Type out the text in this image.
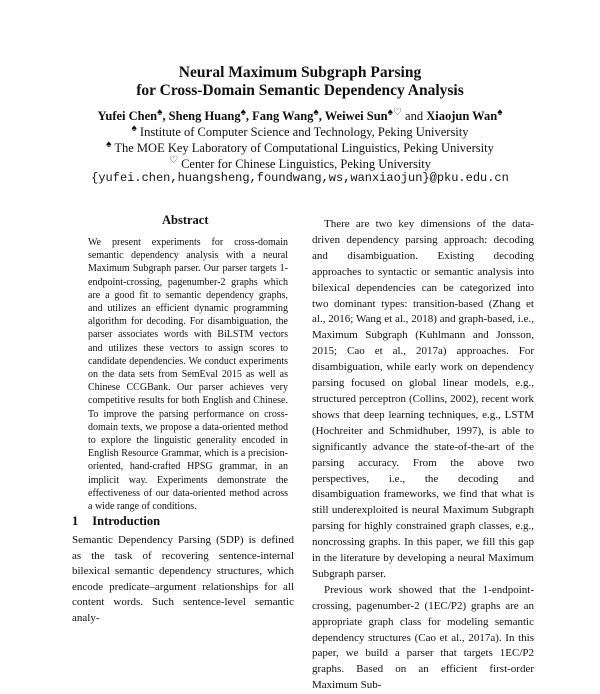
Neural Maximum Subgraph Parsing
for Cross-Domain Semantic Dependency Analysis
Yufei Chen♠, Sheng Huang♠, Fang Wang♠, Weiwei Sun♠♡ and Xiaojun Wan♠
♠ Institute of Computer Science and Technology, Peking University
♠ The MOE Key Laboratory of Computational Linguistics, Peking University
♡ Center for Chinese Linguistics, Peking University
{yufei.chen,huangsheng,foundwang,ws,wanxiaojun}@pku.edu.cn
Abstract
We present experiments for cross-domain semantic dependency analysis with a neural Maximum Subgraph parser. Our parser targets 1-endpoint-crossing, pagenumber-2 graphs which are a good fit to semantic dependency graphs, and utilizes an efficient dynamic programming algorithm for decoding. For disambiguation, the parser associates words with BiLSTM vectors and utilizes these vectors to assign scores to candidate dependencies. We conduct experiments on the data sets from SemEval 2015 as well as Chinese CCGBank. Our parser achieves very competitive results for both English and Chinese. To improve the parsing performance on cross-domain texts, we propose a data-oriented method to explore the linguistic generality encoded in English Resource Grammar, which is a precision-oriented, hand-crafted HPSG grammar, in an implicit way. Experiments demonstrate the effectiveness of our data-oriented method across a wide range of conditions.
1 Introduction
Semantic Dependency Parsing (SDP) is defined as the task of recovering sentence-internal bilexical semantic dependency structures, which encode predicate–argument relationships for all content words. Such sentence-level semantic analy-

There are two key dimensions of the data-driven dependency parsing approach: decoding and disambiguation. Existing decoding approaches to syntactic or semantic analysis into bilexical dependencies can be categorized into two dominant types: transition-based (Zhang et al., 2016; Wang et al., 2018) and graph-based, i.e., Maximum Subgraph (Kuhlmann and Jonsson, 2015; Cao et al., 2017a) approaches. For disambiguation, while early work on dependency parsing focused on global linear models, e.g., structured perceptron (Collins, 2002), recent work shows that deep learning techniques, e.g., LSTM (Hochreiter and Schmidhuber, 1997), is able to significantly advance the state-of-the-art of the parsing accuracy. From the above two perspectives, i.e., the decoding and disambiguation frameworks, we find that what is still underexploited is neural Maximum Subgraph parsing for highly constrained graph classes, e.g., noncrossing graphs. In this paper, we fill this gap in the literature by developing a neural Maximum Subgraph parser.

Previous work showed that the 1-endpoint-crossing, pagenumber-2 (1EC/P2) graphs are an appropriate graph class for modeling semantic dependency structures (Cao et al., 2017a). In this paper, we build a parser that targets 1EC/P2 graphs. Based on an efficient first-order Maximum Sub-
